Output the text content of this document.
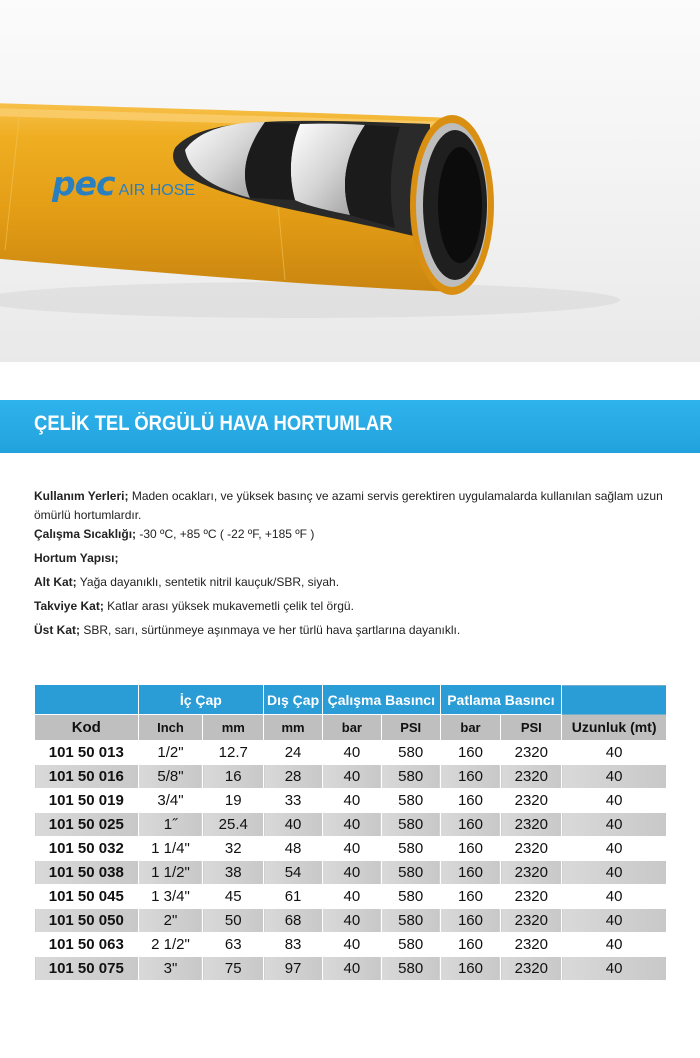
pec AIR HOSE
ÇELİK TEL ÖRGÜLÜ HAVA HORTUMLAR

Kullanım Yerleri; Maden ocakları, ve yüksek basınç ve azami servis gerektiren uygulamalarda kullanılan sağlam uzun ömürlü hortumlardır.

Çalışma Sıcaklığı; -30 ºC, +85 ºC ( -22 ºF, +185 ºF )

Hortum Yapısı;

Alt Kat; Yağa dayanıklı, sentetik nitril kauçuk/SBR, siyah.

Takviye Kat; Katlar arası yüksek mukavemetli çelik tel örgü.

Üst Kat; SBR, sarı, sürtünmeye aşınmaya ve her türlü hava şartlarına dayanıklı.

	İç Çap		Dış Çap	Çalışma Basıncı		Patlama Basıncı		Uzunluk (mt)
Kod	Inch	mm	mm	bar	PSI	bar	PSI	
101 50 013	1/2"	12.7	24	40	580	160	2320	40
101 50 016	5/8"	16	28	40	580	160	2320	40
101 50 019	3/4"	19	33	40	580	160	2320	40
101 50 025	1˝	25.4	40	40	580	160	2320	40
101 50 032	1 1/4"	32	48	40	580	160	2320	40
101 50 038	1 1/2"	38	54	40	580	160	2320	40
101 50 045	1 3/4"	45	61	40	580	160	2320	40
101 50 050	2"	50	68	40	580	160	2320	40
101 50 063	2 1/2"	63	83	40	580	160	2320	40
101 50 075	3"	75	97	40	580	160	2320	40
